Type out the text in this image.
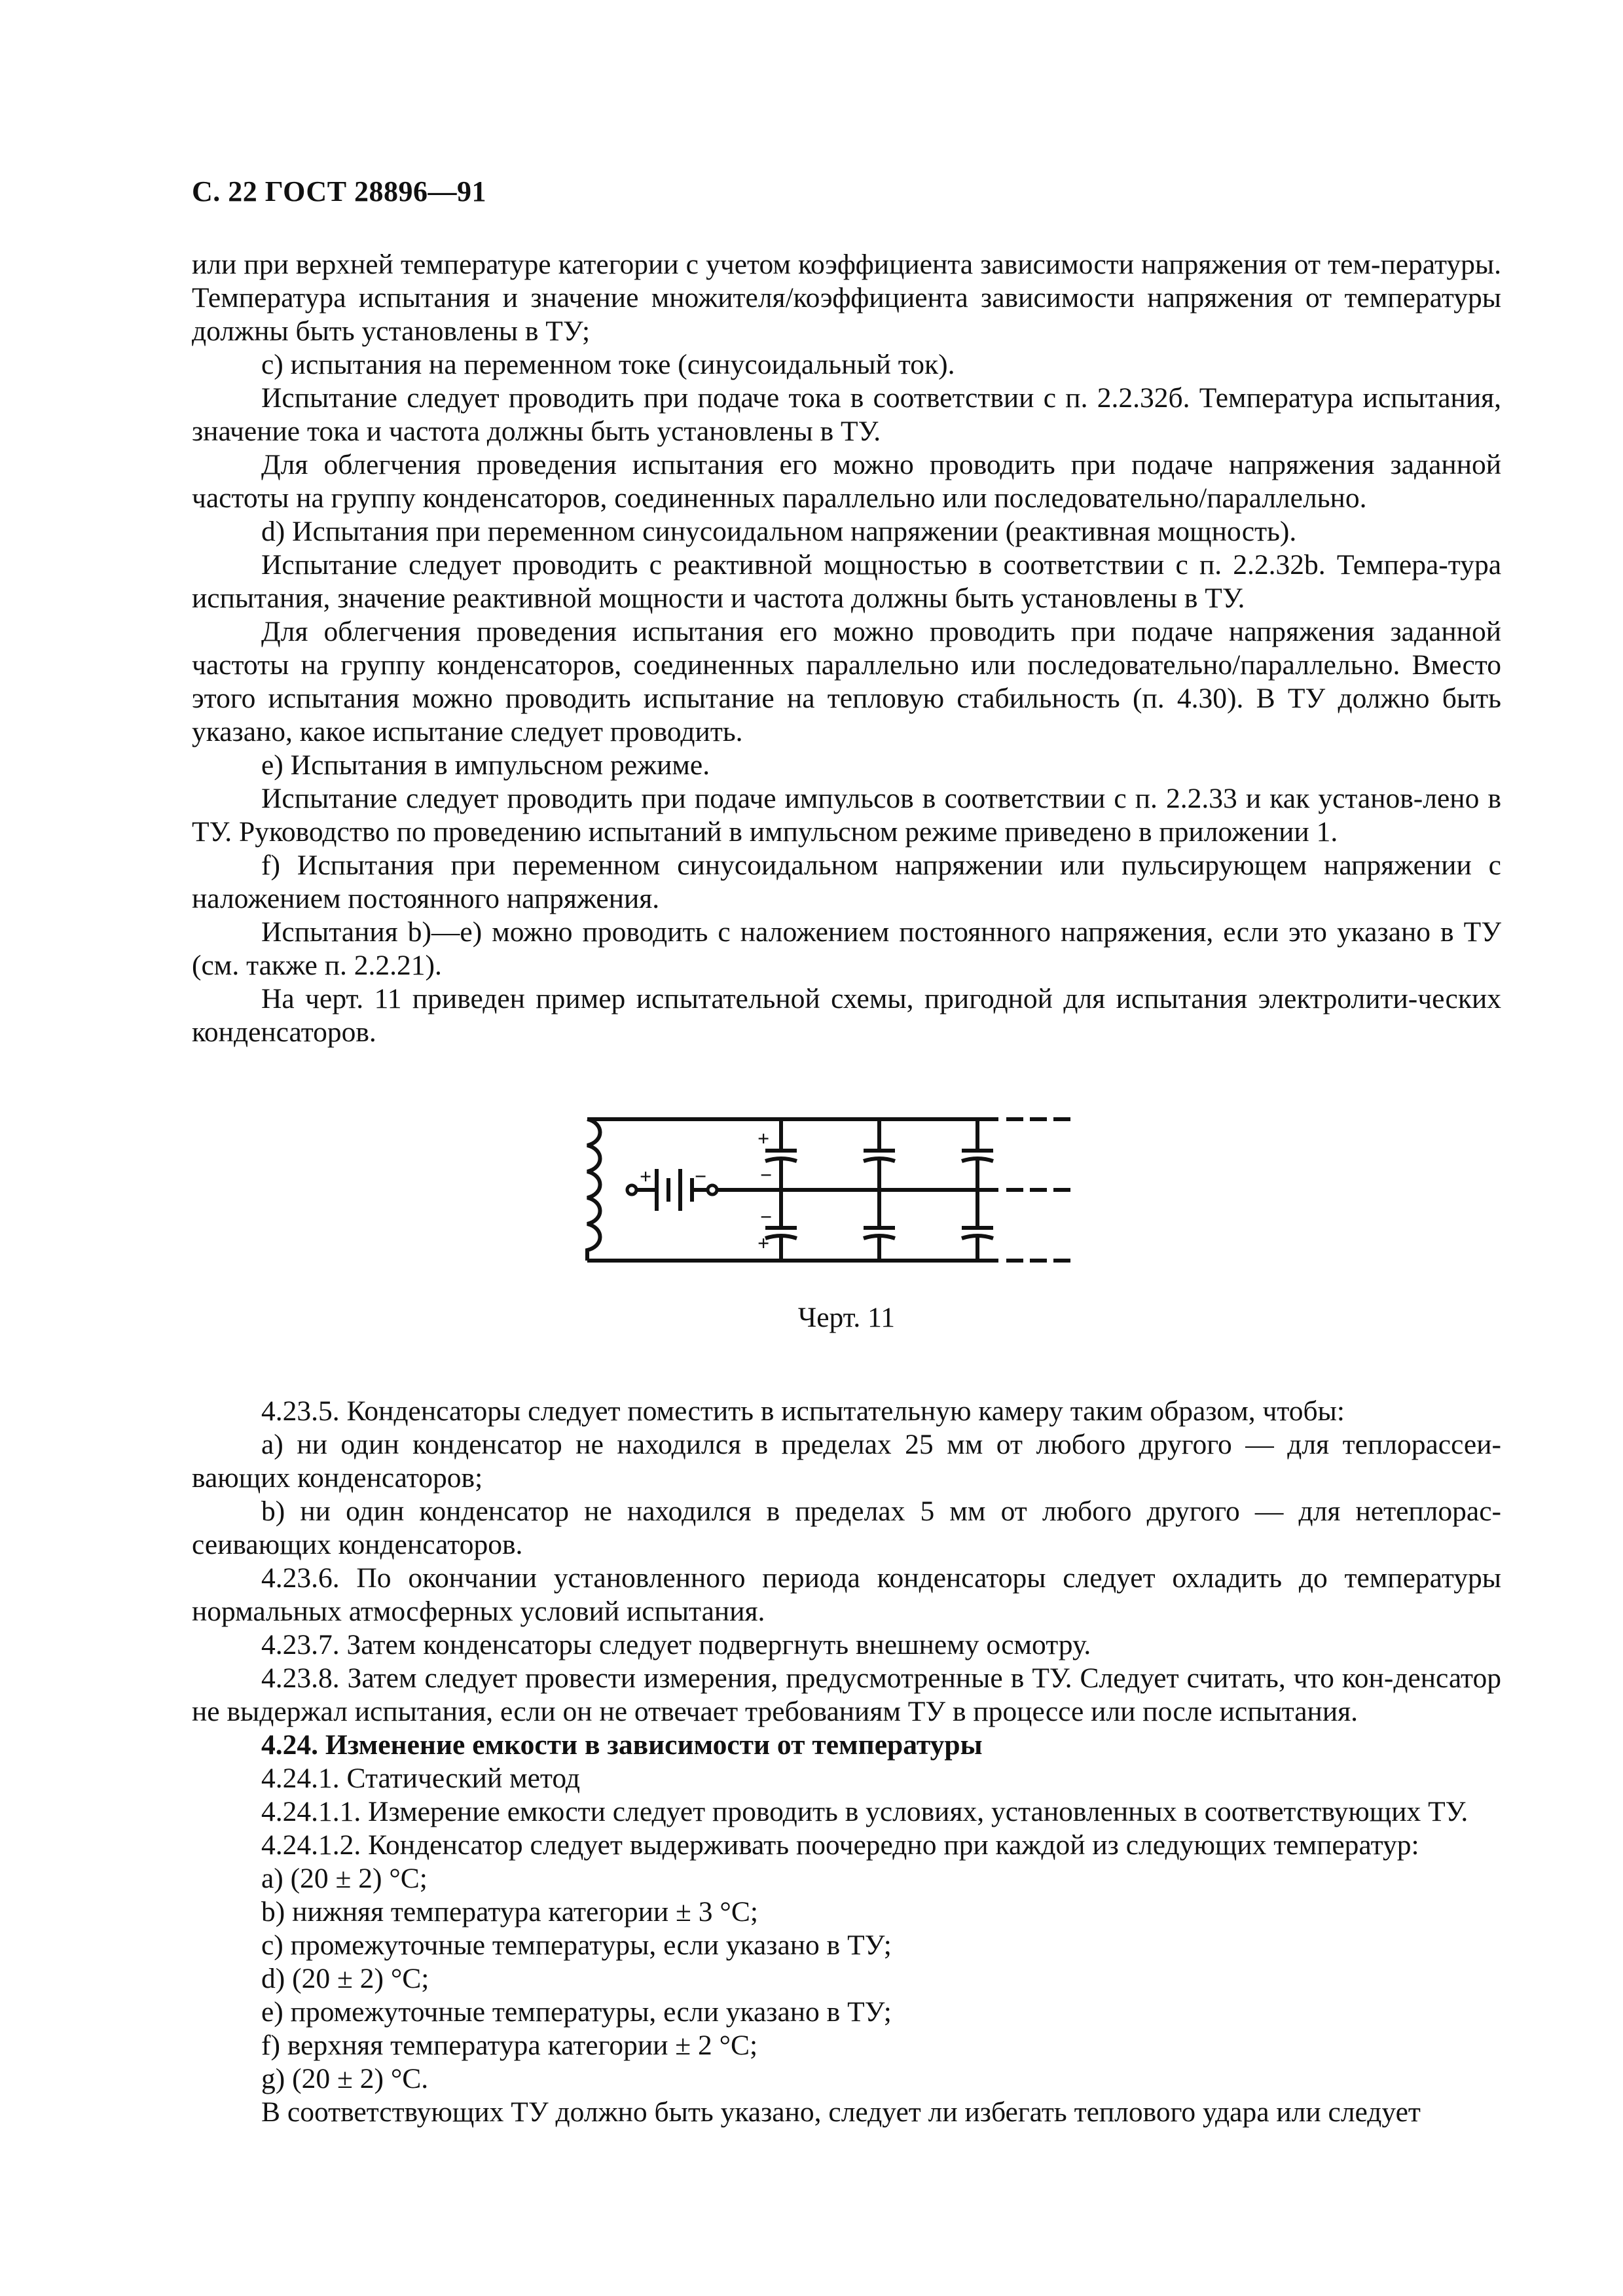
С. 22 ГОСТ 28896—91

или при верхней температуре категории с учетом коэффициента зависимости напряжения от тем-пературы. Температура испытания и значение множителя/коэффициента зависимости напряжения от температуры должны быть установлены в ТУ;

с) испытания на переменном токе (синусоидальный ток).

Испытание следует проводить при подаче тока в соответствии с п. 2.2.32б. Температура испытания, значение тока и частота должны быть установлены в ТУ.

Для облегчения проведения испытания его можно проводить при подаче напряжения заданной частоты на группу конденсаторов, соединенных параллельно или последовательно/параллельно.

d) Испытания при переменном синусоидальном напряжении (реактивная мощность).

Испытание следует проводить с реактивной мощностью в соответствии с п. 2.2.32b. Темпера-тура испытания, значение реактивной мощности и частота должны быть установлены в ТУ.

Для облегчения проведения испытания его можно проводить при подаче напряжения заданной частоты на группу конденсаторов, соединенных параллельно или последовательно/параллельно. Вместо этого испытания можно проводить испытание на тепловую стабильность (п. 4.30). В ТУ должно быть указано, какое испытание следует проводить.

е) Испытания в импульсном режиме.

Испытание следует проводить при подаче импульсов в соответствии с п. 2.2.33 и как установ-лено в ТУ. Руководство по проведению испытаний в импульсном режиме приведено в приложении 1.

f) Испытания при переменном синусоидальном напряжении или пульсирующем напряжении с наложением постоянного напряжения.

Испытания b)—е) можно проводить с наложением постоянного напряжения, если это указано в ТУ (см. также п. 2.2.21).

На черт. 11 приведен пример испытательной схемы, пригодной для испытания электролити-ческих конденсаторов.

+
−
−
+
+ −
Черт. 11

4.23.5. Конденсаторы следует поместить в испытательную камеру таким образом, чтобы:

а) ни один конденсатор не находился в пределах 25 мм от любого другого — для теплорассеи-вающих конденсаторов;

b) ни один конденсатор не находился в пределах 5 мм от любого другого — для нетеплорас-сеивающих конденсаторов.

4.23.6. По окончании установленного периода конденсаторы следует охладить до температуры нормальных атмосферных условий испытания.

4.23.7. Затем конденсаторы следует подвергнуть внешнему осмотру.

4.23.8. Затем следует провести измерения, предусмотренные в ТУ. Следует считать, что кон-денсатор не выдержал испытания, если он не отвечает требованиям ТУ в процессе или после испытания.

4.24. Изменение емкости в зависимости от температуры

4.24.1. Статический метод

4.24.1.1. Измерение емкости следует проводить в условиях, установленных в соответствующих ТУ.

4.24.1.2. Конденсатор следует выдерживать поочередно при каждой из следующих температур:

а) (20 ± 2) °С;

b) нижняя температура категории ± 3 °С;

с) промежуточные температуры, если указано в ТУ;

d) (20 ± 2) °С;

е) промежуточные температуры, если указано в ТУ;

f) верхняя температура категории ± 2 °С;

g) (20 ± 2) °С.

В соответствующих ТУ должно быть указано, следует ли избегать теплового удара или следует
